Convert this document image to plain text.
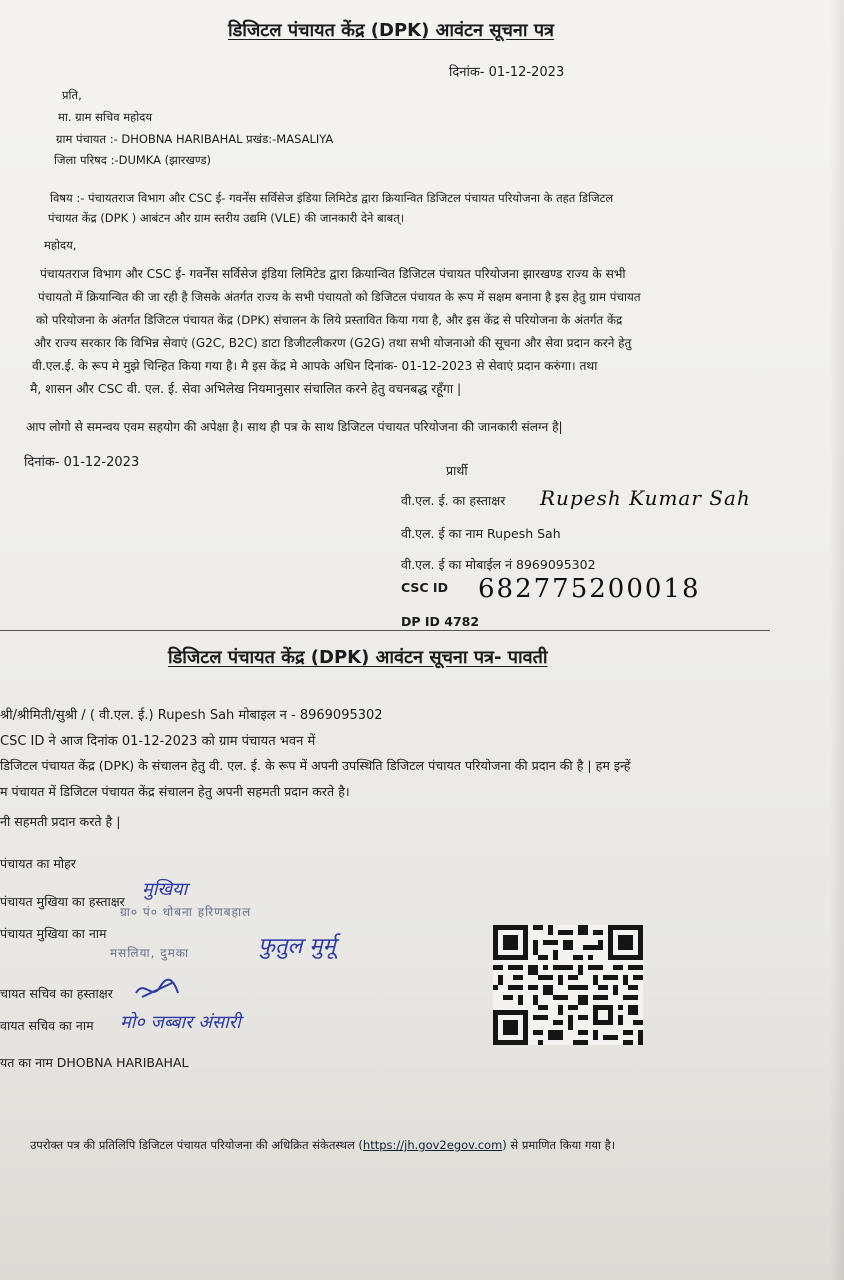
डिजिटल पंचायत केंद्र (DPK) आवंटन सूचना पत्र
दिनांक- 01-12-2023
प्रति,
मा. ग्राम सचिव महोदय
ग्राम पंचायत :- DHOBNA HARIBAHAL प्रखंड:-MASALIYA
जिला परिषद :-DUMKA (झारखण्ड)
विषय :- पंचायतराज विभाग और CSC ई- गवर्नेंस सर्विसेज इंडिया लिमिटेड द्वारा क्रियान्वित डिजिटल पंचायत परियोजना के तहत डिजिटल
पंचायत केंद्र (DPK ) आबंटन और ग्राम स्तरीय उद्यमि (VLE) की जानकारी देने बाबत्।
महोदय,
पंचायतराज विभाग और CSC ई- गवर्नेंस सर्विसेज इंडिया लिमिटेड द्वारा क्रियान्वित डिजिटल पंचायत परियोजना झारखण्ड राज्य के सभी
पंचायतो में क्रियान्वित की जा रही है जिसके अंतर्गत राज्य के सभी पंचायतो को डिजिटल पंचायत के रूप में सक्षम बनाना है इस हेतु ग्राम पंचायत
को परियोजना के अंतर्गत डिजिटल पंचायत केंद्र (DPK) संचालन के लिये प्रस्तावित किया गया है, और इस केंद्र से परियोजना के अंतर्गत केंद्र
और राज्य सरकार कि विभिन्न सेवाएं (G2C, B2C) डाटा डिजीटलीकरण (G2G) तथा सभी योजनाओ की सूचना और सेवा प्रदान करने हेतु
वी.एल.ई. के रूप मे मुझे चिन्हित किया गया है। मै इस केंद्र मे आपके अधिन दिनांक- 01-12-2023 से सेवाएं प्रदान करुंगा। तथा
मै, शासन और CSC वी. एल. ई. सेवा अभिलेख नियमानुसार संचालित करने हेतु वचनबद्ध रहूँगा |
आप लोगो से समन्वय एवम सहयोग की अपेक्षा है। साथ ही पत्र के साथ डिजिटल पंचायत परियोजना की जानकारी संलग्न है|
दिनांक- 01-12-2023
प्रार्थी
वी.एल. ई. का हस्ताक्षर Rupesh Kumar Sah
वी.एल. ई का नाम Rupesh Sah
वी.एल. ई का मोबाईल नं 8969095302
CSC ID 682775200018
DP ID 4782
डिजिटल पंचायत केंद्र (DPK) आवंटन सूचना पत्र- पावती
श्री/श्रीमिती/सुश्री / ( वी.एल. ई.) Rupesh Sah मोबाइल न - 8969095302
CSC ID ने आज दिनांक 01-12-2023 को ग्राम पंचायत भवन में
डिजिटल पंचायत केंद्र (DPK) के संचालन हेतु वी. एल. ई. के रूप में अपनी उपस्थिति डिजिटल पंचायत परियोजना की प्रदान की है | हम इन्हें
म पंचायत में डिजिटल पंचायत केंद्र संचालन हेतु अपनी सहमती प्रदान करते है।
नी सहमती प्रदान करते है |
पंचायत का मोहर
पंचायत मुखिया का हस्ताक्षर
पंचायत मुखिया का नाम
मुखिया
ग्रा० पं० धोबना हरिणबहाल
मसलिया, दुमका	फुतुल मुर्मू
चायत सचिव का हस्ताक्षर
वायत सचिव का नाम मो० जब्बार अंसारी
यत का नाम DHOBNA HARIBAHAL
उपरोक्त पत्र की प्रतिलिपि डिजिटल पंचायत परियोजना की अधिक्रित संकेतस्थल (https://jh.gov2egov.com) से प्रमाणित किया गया है।
